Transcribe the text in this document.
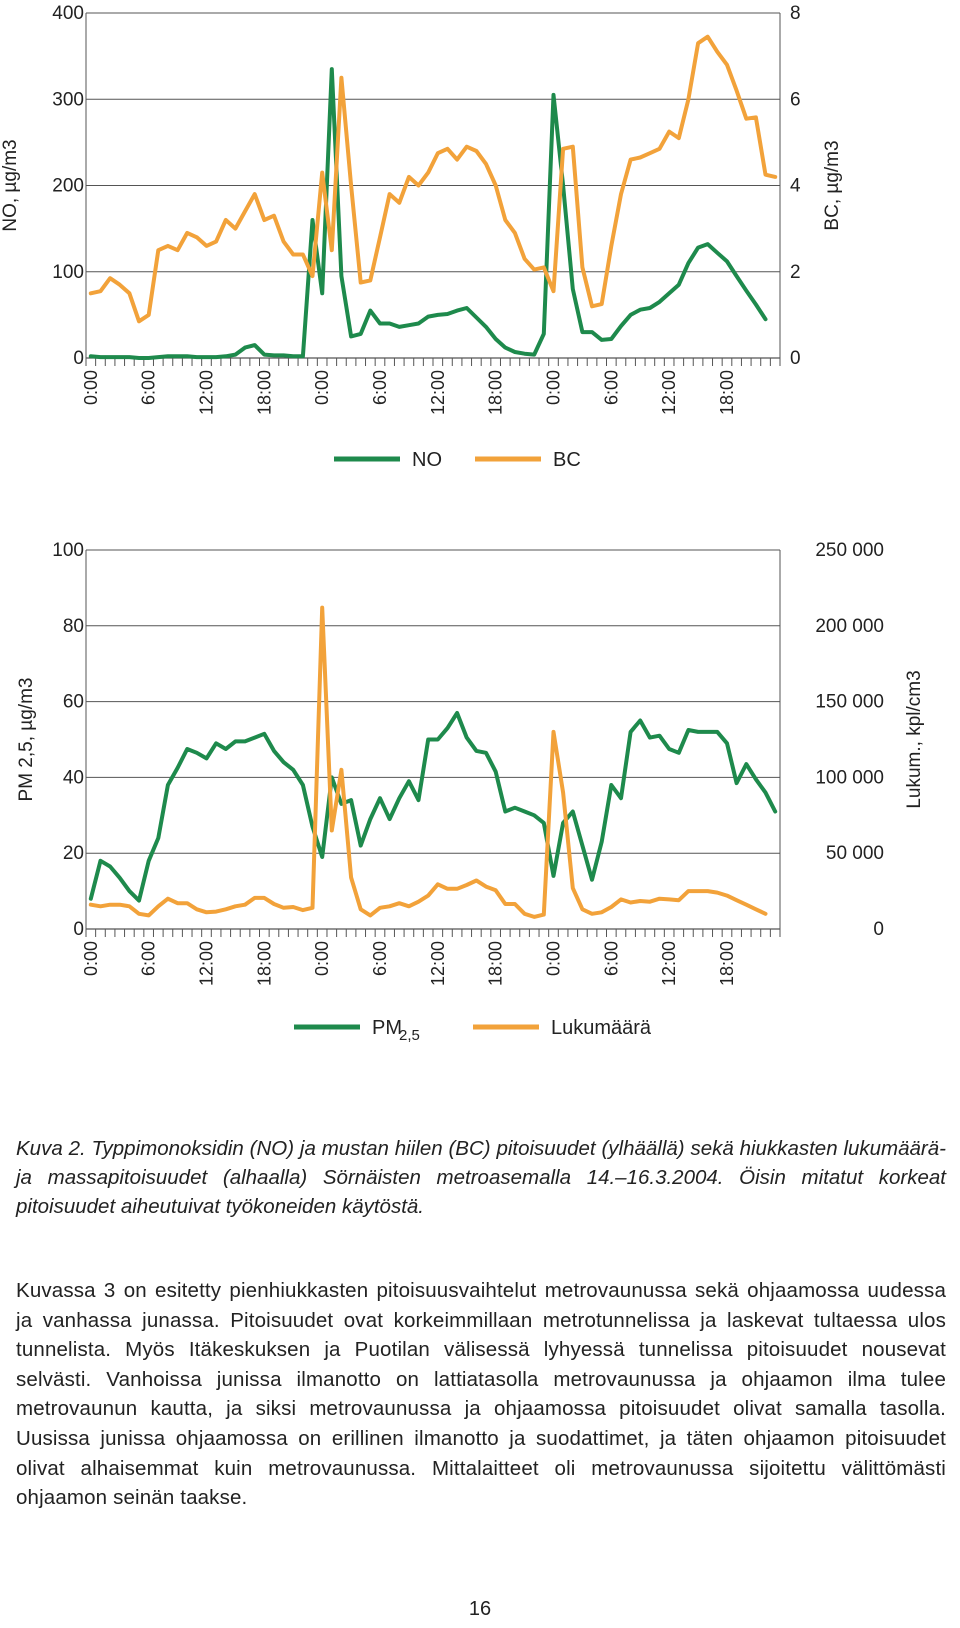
400	8
300	6
200	4
100	2
0	0
0:00 6:00 12:00 18:00 0:00 6:00 12:00 18:00 0:00 6:00 12:00 18:00
NO, µg/m3	BC, µg/m3
NO	BC
100	250 000
80	200 000
60	150 000
40	100 000
20	50 000
0	0
0:00 6:00 12:00 18:00 0:00 6:00 12:00 18:00 0:00 6:00 12:00 18:00
PM 2,5, µg/m3	Lukum., kpl/cm3
PM
2,5	Lukumäärä

Kuva 2. Typpimonoksidin (NO) ja mustan hiilen (BC) pitoisuudet (ylhäällä) sekä hiukkasten lukumäärä- ja massapitoisuudet (alhaalla) Sörnäisten metroasemalla 14.–16.3.2004. Öisin mitatut korkeat pitoisuudet aiheutuivat työkoneiden käytöstä.

Kuvassa 3 on esitetty pienhiukkasten pitoisuusvaihtelut metrovaunussa sekä ohjaamossa uudessa ja vanhassa junassa. Pitoisuudet ovat korkeimmillaan metrotunnelissa ja laskevat tultaessa ulos tunnelista. Myös Itäkeskuksen ja Puotilan välisessä lyhyessä tunnelissa pitoisuudet nousevat selvästi. Vanhoissa junissa ilmanotto on lattiatasolla metrovaunussa ja ohjaamon ilma tulee metrovaunun kautta, ja siksi metrovaunussa ja ohjaamossa pitoisuudet olivat samalla tasolla. Uusissa junissa ohjaamossa on erillinen ilmanotto ja suodattimet, ja täten ohjaamon pitoisuudet olivat alhaisemmat kuin metrovaunussa. Mittalaitteet oli metrovaunussa sijoitettu välittömästi ohjaamon seinän taakse.

16
